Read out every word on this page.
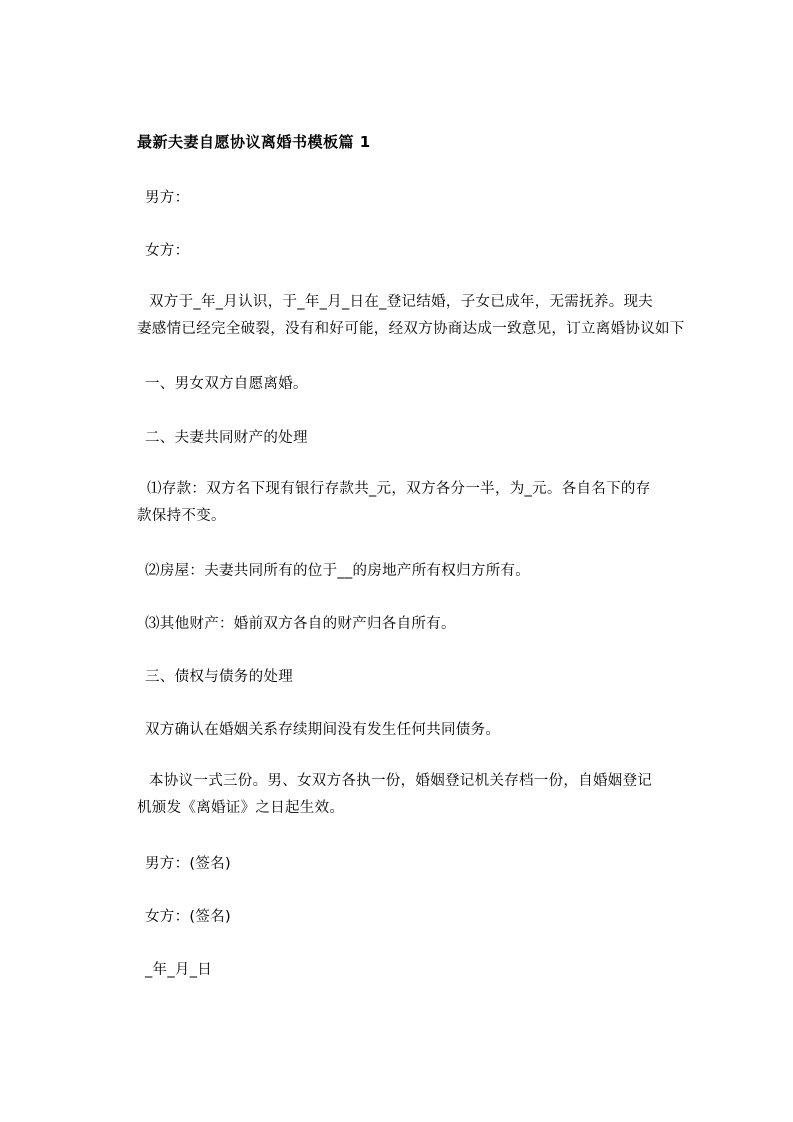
最新夫妻自愿协议离婚书模板篇 1
男方：
女方：
双方于_年_月认识，于_年_月_日在_登记结婚，子女已成年，无需抚养。现夫
妻感情已经完全破裂，没有和好可能，经双方协商达成一致意见，订立离婚协议如下
一、男女双方自愿离婚。
二、夫妻共同财产的处理
⑴存款：双方名下现有银行存款共_元，双方各分一半，为_元。各自名下的存
款保持不变。
⑵房屋：夫妻共同所有的位于__的房地产所有权归方所有。
⑶其他财产：婚前双方各自的财产归各自所有。
三、债权与债务的处理
双方确认在婚姻关系存续期间没有发生任何共同债务。
本协议一式三份。男、女双方各执一份，婚姻登记机关存档一份，自婚姻登记
机颁发《离婚证》之日起生效。
男方：(签名)
女方：(签名)
_年_月_日
